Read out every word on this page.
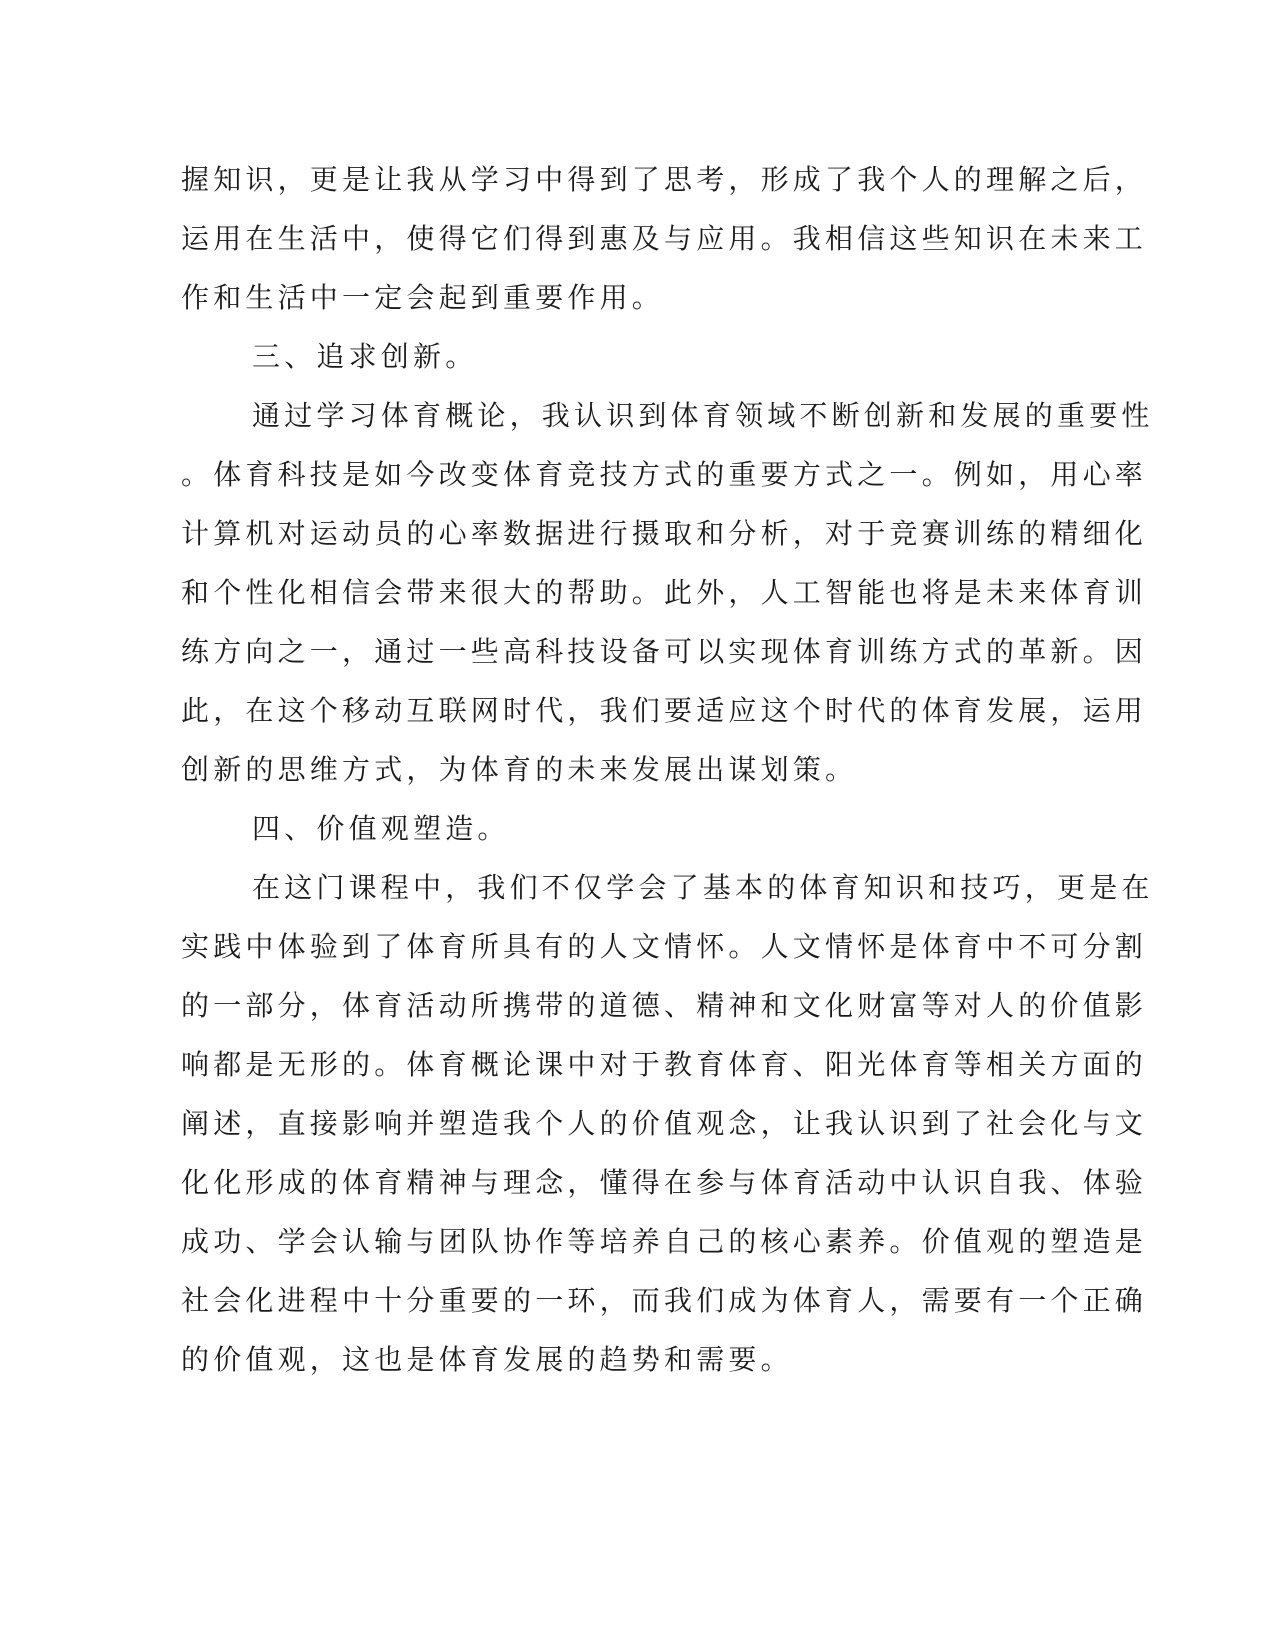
握知识，更是让我从学习中得到了思考，形成了我个人的理解之后，
运用在生活中，使得它们得到惠及与应用。我相信这些知识在未来工
作和生活中一定会起到重要作用。
三、追求创新。
通过学习体育概论，我认识到体育领域不断创新和发展的重要性
。体育科技是如今改变体育竞技方式的重要方式之一。例如，用心率
计算机对运动员的心率数据进行摄取和分析，对于竞赛训练的精细化
和个性化相信会带来很大的帮助。此外，人工智能也将是未来体育训
练方向之一，通过一些高科技设备可以实现体育训练方式的革新。因
此，在这个移动互联网时代，我们要适应这个时代的体育发展，运用
创新的思维方式，为体育的未来发展出谋划策。
四、价值观塑造。
在这门课程中，我们不仅学会了基本的体育知识和技巧，更是在
实践中体验到了体育所具有的人文情怀。人文情怀是体育中不可分割
的一部分，体育活动所携带的道德、精神和文化财富等对人的价值影
响都是无形的。体育概论课中对于教育体育、阳光体育等相关方面的
阐述，直接影响并塑造我个人的价值观念，让我认识到了社会化与文
化化形成的体育精神与理念，懂得在参与体育活动中认识自我、体验
成功、学会认输与团队协作等培养自己的核心素养。价值观的塑造是
社会化进程中十分重要的一环，而我们成为体育人，需要有一个正确
的价值观，这也是体育发展的趋势和需要。
